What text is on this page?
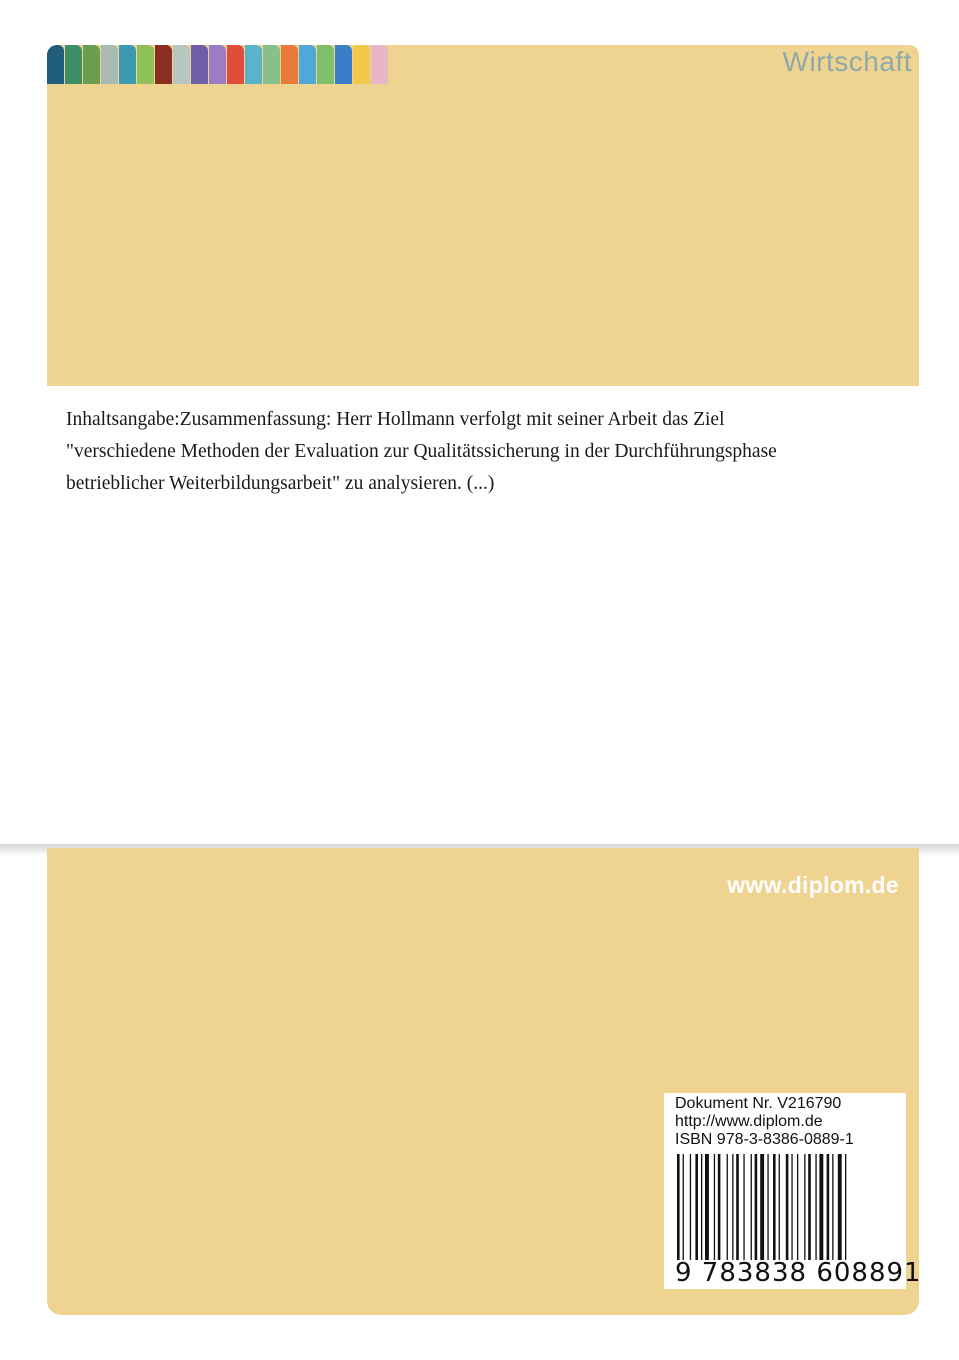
Wirtschaft

Inhaltsangabe:Zusammenfassung: Herr Hollmann verfolgt mit seiner Arbeit das Ziel "verschiedene Methoden der Evaluation zur Qualitätssicherung in der Durchführungsphase betrieblicher Weiterbildungsarbeit" zu analysieren. (...)

www.diplom.de
Dokument Nr. V216790
http://www.diplom.de
ISBN 978-3-8386-0889-1
9 783838 608891
